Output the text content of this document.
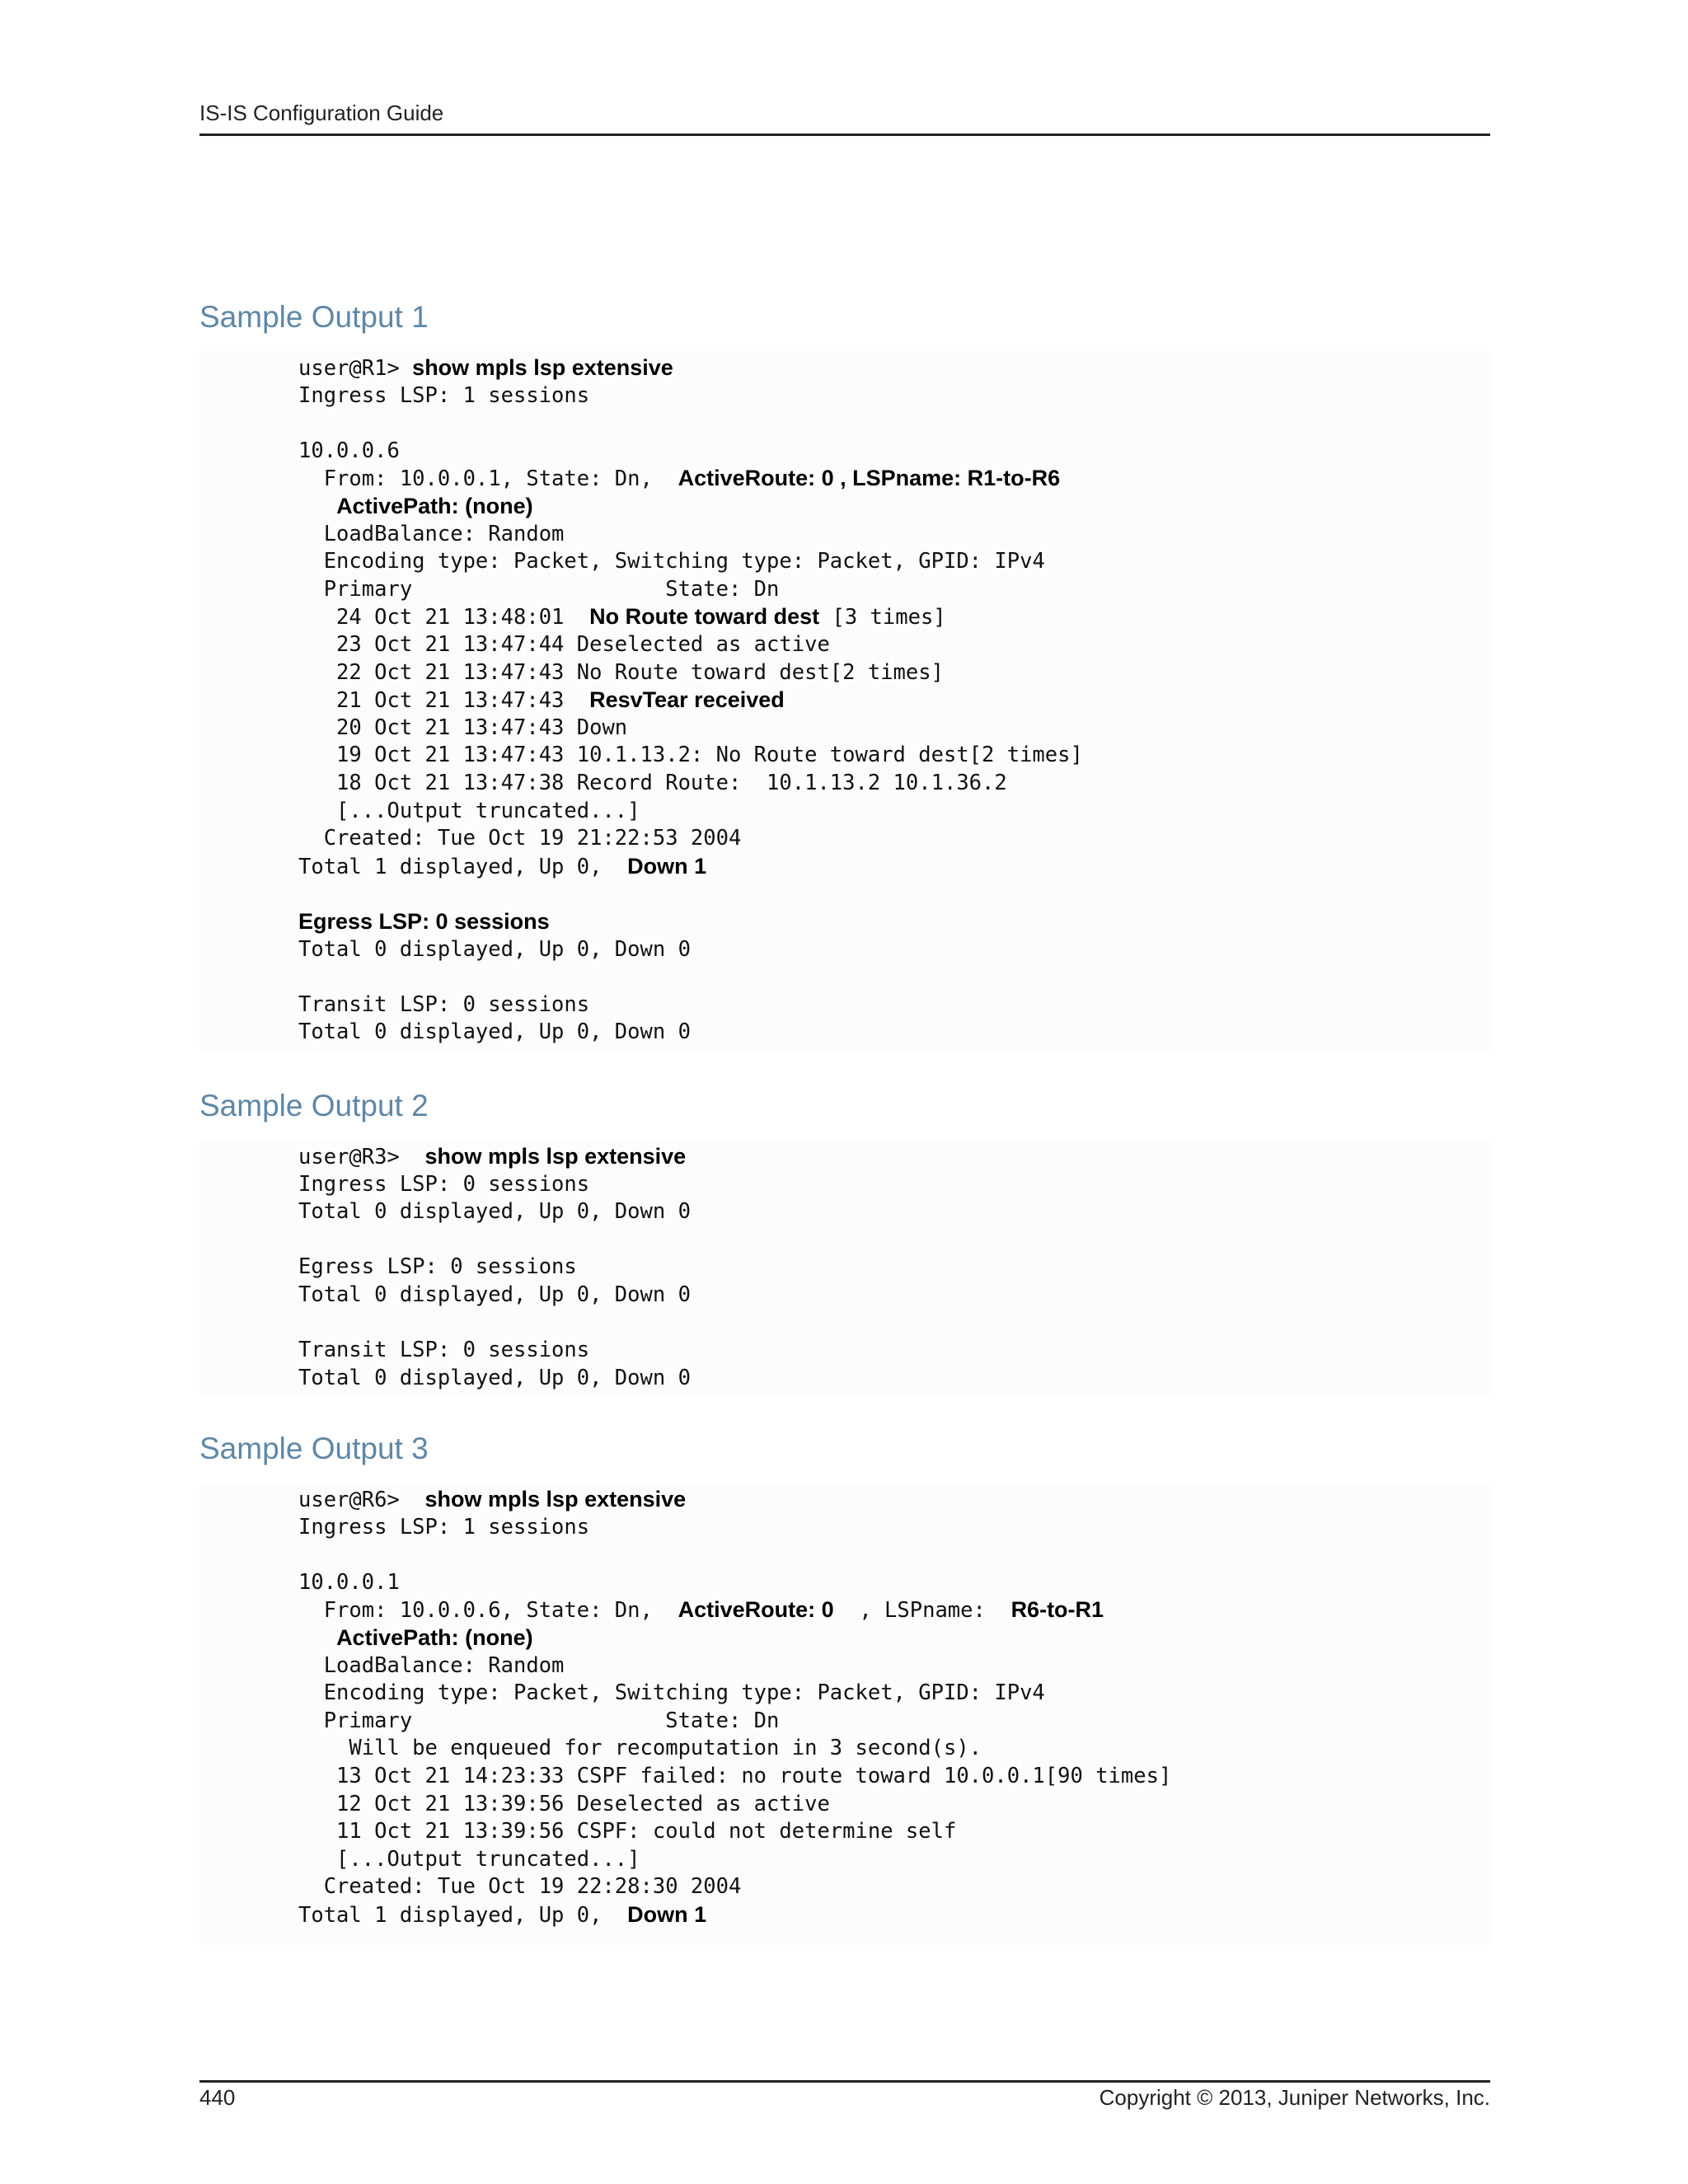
IS-IS Configuration Guide
Sample Output 1
Sample Output 2
Sample Output 3
440	Copyright © 2013, Juniper Networks, Inc.
user@R1> show mpls lsp extensive
Ingress LSP: 1 sessions
10.0.0.6
From: 10.0.0.1, State: Dn,  ActiveRoute: 0 , LSPname: R1-to-R6
ActivePath: (none)
LoadBalance: Random
Encoding type: Packet, Switching type: Packet, GPID: IPv4
Primary                    State: Dn
24 Oct 21 13:48:01  No Route toward dest [3 times]
23 Oct 21 13:47:44 Deselected as active
22 Oct 21 13:47:43 No Route toward dest[2 times]
21 Oct 21 13:47:43  ResvTear received
20 Oct 21 13:47:43 Down
19 Oct 21 13:47:43 10.1.13.2: No Route toward dest[2 times]
18 Oct 21 13:47:38 Record Route:  10.1.13.2 10.1.36.2
[...Output truncated...]
Created: Tue Oct 19 21:22:53 2004
Total 1 displayed, Up 0,  Down 1
Egress LSP: 0 sessions
Total 0 displayed, Up 0, Down 0
Transit LSP: 0 sessions
Total 0 displayed, Up 0, Down 0
user@R3>  show mpls lsp extensive
Ingress LSP: 0 sessions
Total 0 displayed, Up 0, Down 0
Egress LSP: 0 sessions
Total 0 displayed, Up 0, Down 0
Transit LSP: 0 sessions
Total 0 displayed, Up 0, Down 0
user@R6>  show mpls lsp extensive
Ingress LSP: 1 sessions
10.0.0.1
From: 10.0.0.6, State: Dn,  ActiveRoute: 0  , LSPname:  R6-to-R1
ActivePath: (none)
LoadBalance: Random
Encoding type: Packet, Switching type: Packet, GPID: IPv4
Primary                    State: Dn
Will be enqueued for recomputation in 3 second(s).
13 Oct 21 14:23:33 CSPF failed: no route toward 10.0.0.1[90 times]
12 Oct 21 13:39:56 Deselected as active
11 Oct 21 13:39:56 CSPF: could not determine self
[...Output truncated...]
Created: Tue Oct 19 22:28:30 2004
Total 1 displayed, Up 0,  Down 1
